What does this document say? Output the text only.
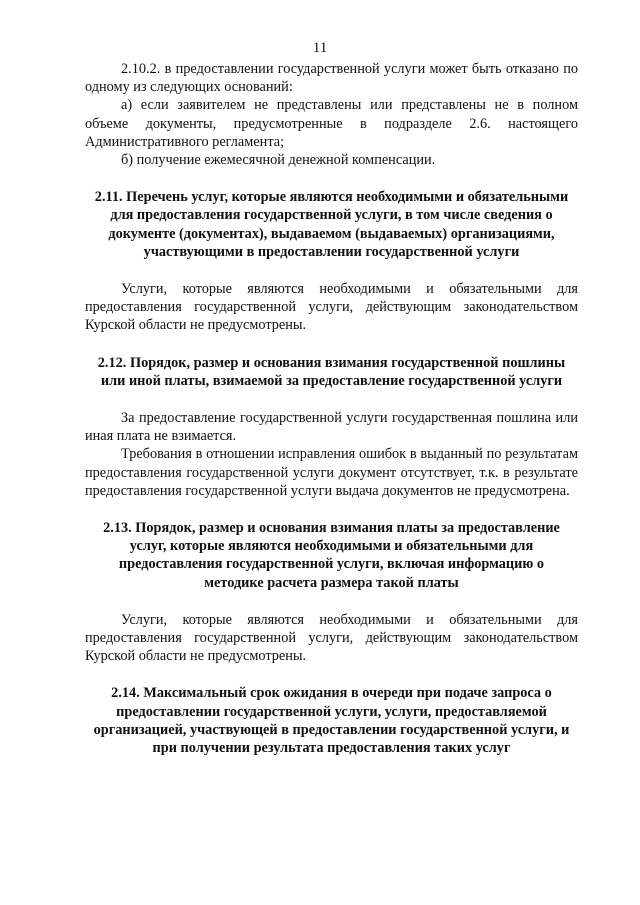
11

2.10.2. в предоставлении государственной услуги может быть отказано по одному из следующих оснований:

а) если заявителем не представлены или представлены не в полном объеме документы, предусмотренные в подразделе 2.6. настоящего Административного регламента;

б) получение ежемесячной денежной компенсации.

2.11. Перечень услуг, которые являются необходимыми и обязательными для предоставления государственной услуги, в том числе сведения о документе (документах), выдаваемом (выдаваемых) организациями, участвующими в предоставлении государственной услуги

Услуги, которые являются необходимыми и обязательными для предоставления государственной услуги, действующим законодательством Курской области не предусмотрены.

2.12. Порядок, размер и основания взимания государственной пошлины или иной платы, взимаемой за предоставление государственной услуги

За предоставление государственной услуги государственная пошлина или иная плата не взимается.

Требования в отношении исправления ошибок в выданный по результатам предоставления государственной услуги документ отсутствует, т.к. в результате предоставления государственной услуги выдача документов не предусмотрена.

2.13. Порядок, размер и основания взимания платы за предоставление услуг, которые являются необходимыми и обязательными для предоставления государственной услуги, включая информацию о методике расчета размера такой платы

Услуги, которые являются необходимыми и обязательными для предоставления государственной услуги, действующим законодательством Курской области не предусмотрены.

2.14. Максимальный срок ожидания в очереди при подаче запроса о предоставлении государственной услуги, услуги, предоставляемой организацией, участвующей в предоставлении государственной услуги, и при получении результата предоставления таких услуг
